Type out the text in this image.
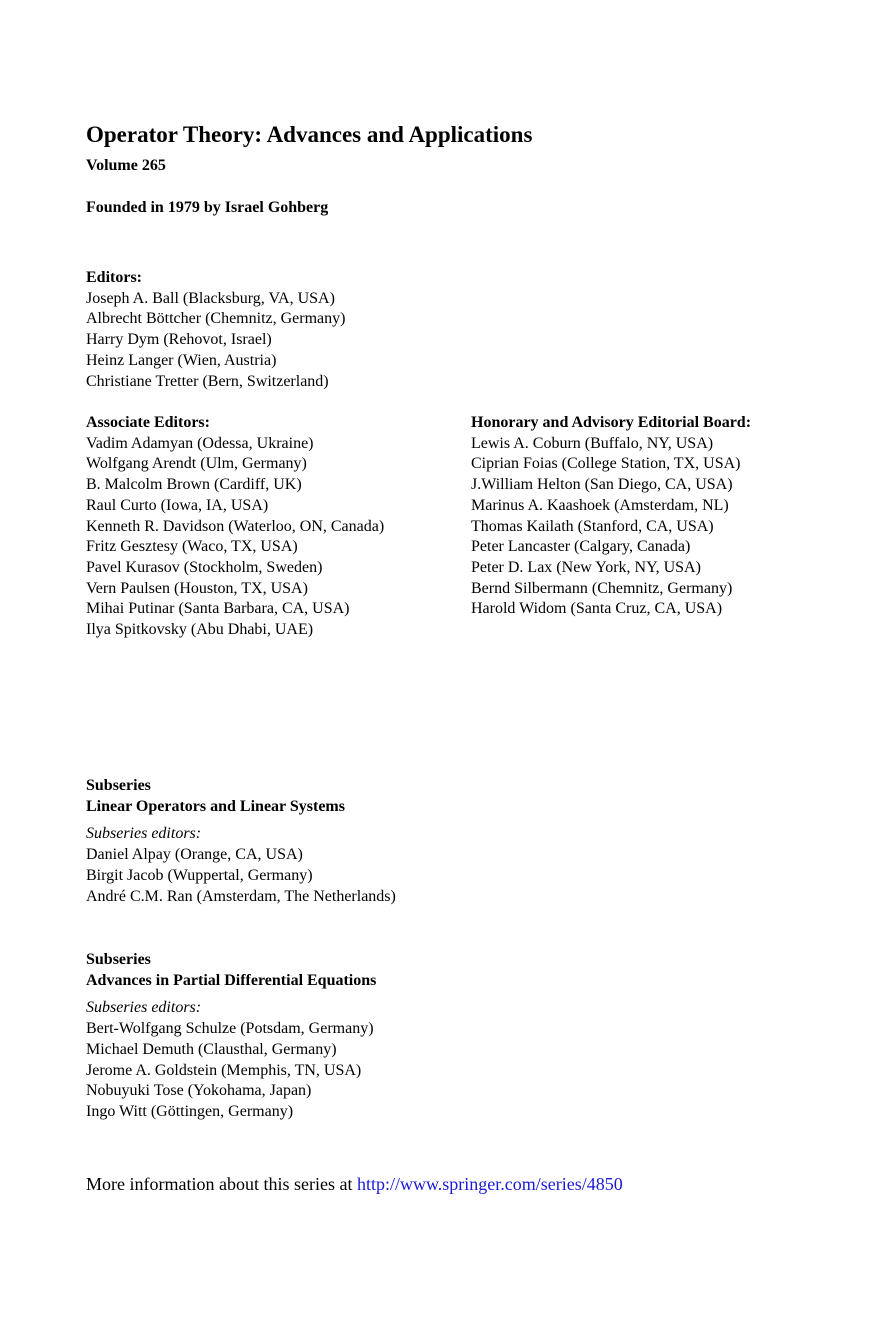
Operator Theory: Advances and Applications
Volume 265
Founded in 1979 by Israel Gohberg
Editors:
Joseph A. Ball (Blacksburg, VA, USA)
Albrecht Böttcher (Chemnitz, Germany)
Harry Dym (Rehovot, Israel)
Heinz Langer (Wien, Austria)
Christiane Tretter (Bern, Switzerland)
Associate Editors:
Vadim Adamyan (Odessa, Ukraine)
Wolfgang Arendt (Ulm, Germany)
B. Malcolm Brown (Cardiff, UK)
Raul Curto (Iowa, IA, USA)
Kenneth R. Davidson (Waterloo, ON, Canada)
Fritz Gesztesy (Waco, TX, USA)
Pavel Kurasov (Stockholm, Sweden)
Vern Paulsen (Houston, TX, USA)
Mihai Putinar (Santa Barbara, CA, USA)
Ilya Spitkovsky (Abu Dhabi, UAE)
Honorary and Advisory Editorial Board:
Lewis A. Coburn (Buffalo, NY, USA)
Ciprian Foias (College Station, TX, USA)
J.William Helton (San Diego, CA, USA)
Marinus A. Kaashoek (Amsterdam, NL)
Thomas Kailath (Stanford, CA, USA)
Peter Lancaster (Calgary, Canada)
Peter D. Lax (New York, NY, USA)
Bernd Silbermann (Chemnitz, Germany)
Harold Widom (Santa Cruz, CA, USA)
Subseries
Linear Operators and Linear Systems
Subseries editors:
Daniel Alpay (Orange, CA, USA)
Birgit Jacob (Wuppertal, Germany)
André C.M. Ran (Amsterdam, The Netherlands)
Subseries
Advances in Partial Differential Equations
Subseries editors:
Bert-Wolfgang Schulze (Potsdam, Germany)
Michael Demuth (Clausthal, Germany)
Jerome A. Goldstein (Memphis, TN, USA)
Nobuyuki Tose (Yokohama, Japan)
Ingo Witt (Göttingen, Germany)
More information about this series at http://www.springer.com/series/4850
